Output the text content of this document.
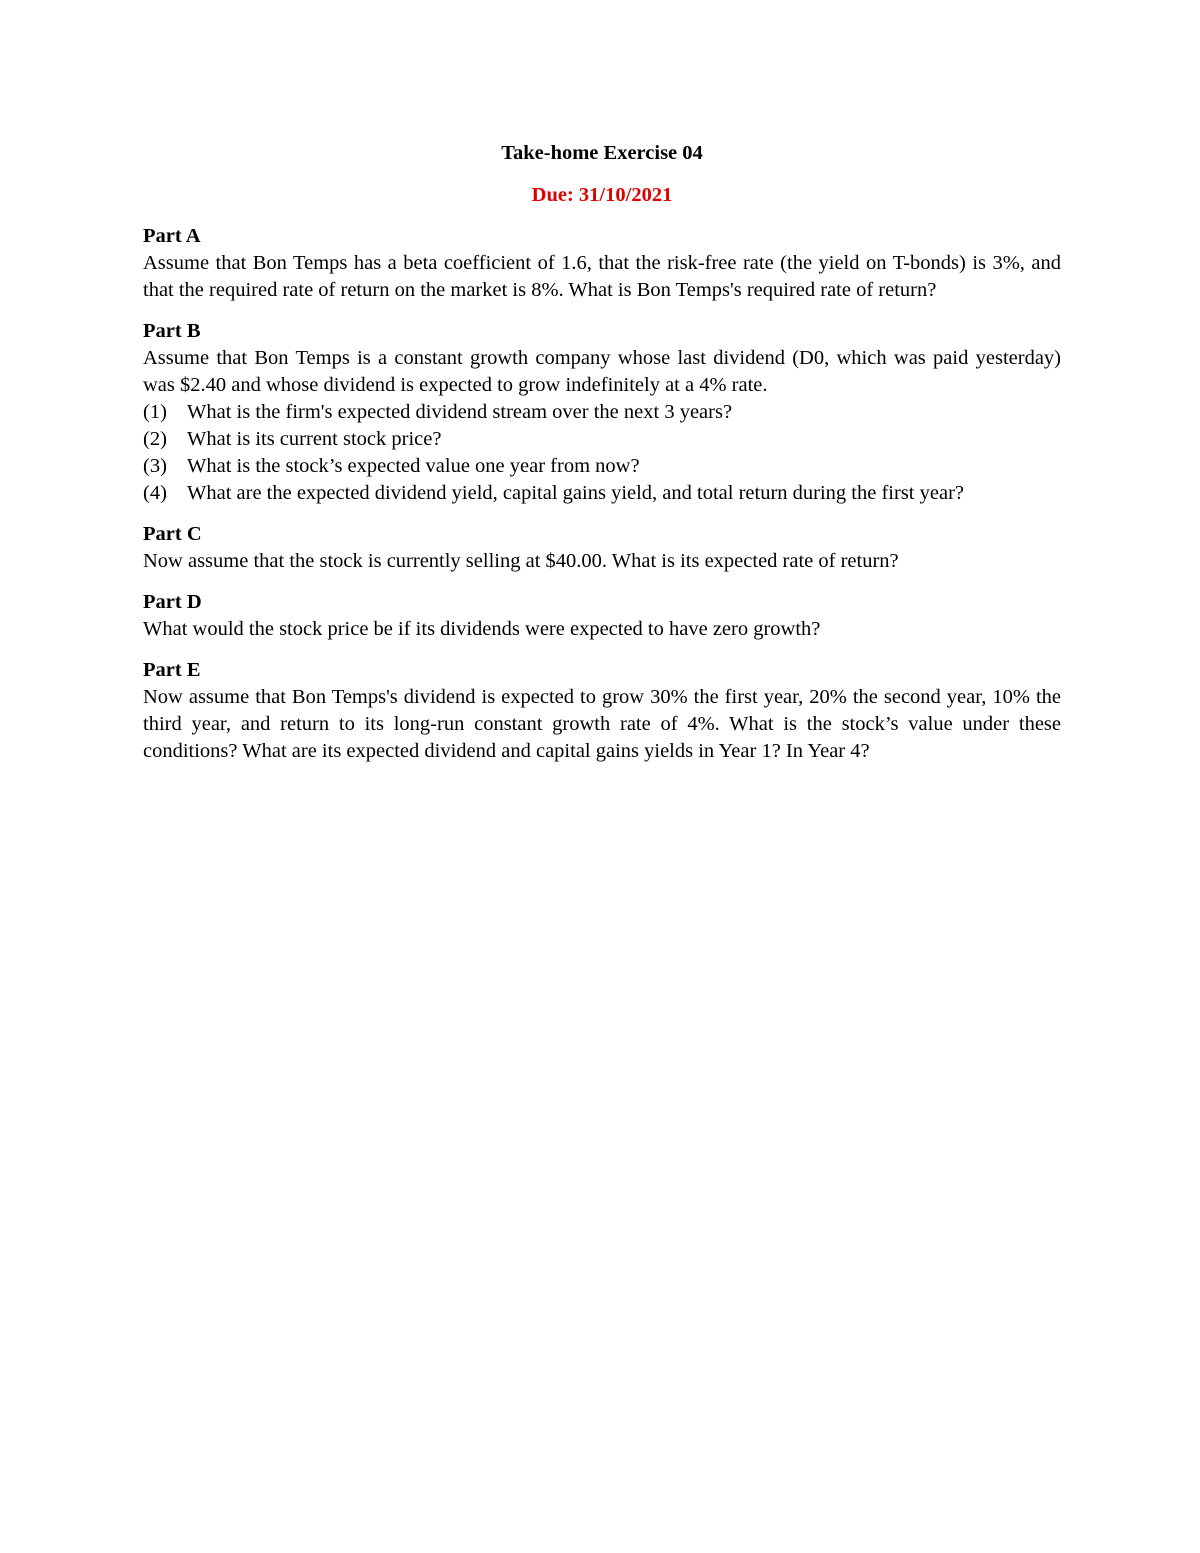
Take-home Exercise 04

Due: 31/10/2021

Part A

Assume that Bon Temps has a beta coefficient of 1.6, that the risk-free rate (the yield on T-bonds) is 3%, and that the required rate of return on the market is 8%. What is Bon Temps's required rate of return?

Part B

Assume that Bon Temps is a constant growth company whose last dividend (D0, which was paid yesterday) was $2.40 and whose dividend is expected to grow indefinitely at a 4% rate.

(1) What is the firm's expected dividend stream over the next 3 years?
(2) What is its current stock price?
(3) What is the stock’s expected value one year from now?
(4) What are the expected dividend yield, capital gains yield, and total return during the first year?

Part C

Now assume that the stock is currently selling at $40.00. What is its expected rate of return?

Part D

What would the stock price be if its dividends were expected to have zero growth?

Part E

Now assume that Bon Temps's dividend is expected to grow 30% the first year, 20% the second year, 10% the third year, and return to its long-run constant growth rate of 4%. What is the stock’s value under these conditions? What are its expected dividend and capital gains yields in Year 1? In Year 4?
